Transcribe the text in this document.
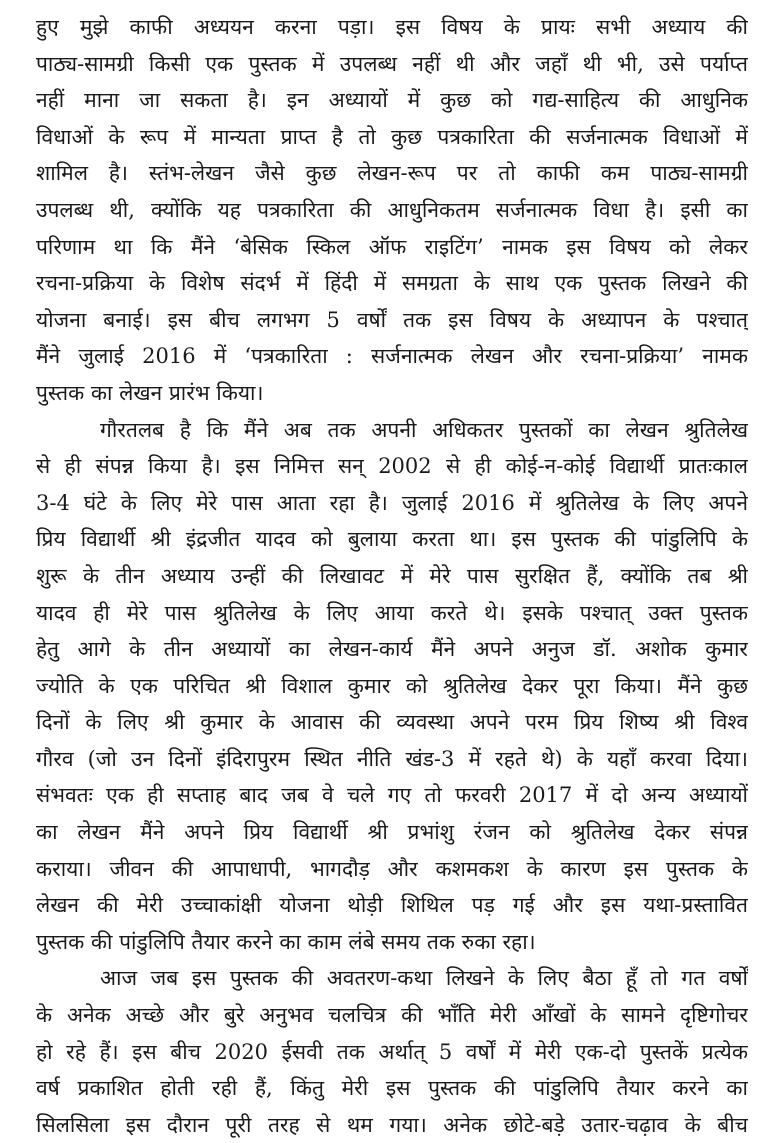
हुए मुझे काफी अध्ययन करना पड़ा। इस विषय के प्रायः सभी अध्याय की
पाठ्य-सामग्री किसी एक पुस्तक में उपलब्ध नहीं थी और जहाँ थी भी, उसे पर्याप्त
नहीं माना जा सकता है। इन अध्यायों में कुछ को गद्य-साहित्य की आधुनिक
विधाओं के रूप में मान्यता प्राप्त है तो कुछ पत्रकारिता की सर्जनात्मक विधाओं में
शामिल है। स्तंभ-लेखन जैसे कुछ लेखन-रूप पर तो काफी कम पाठ्य-सामग्री
उपलब्ध थी, क्योंकि यह पत्रकारिता की आधुनिकतम सर्जनात्मक विधा है। इसी का
परिणाम था कि मैंने ‘बेसिक स्किल ऑफ राइटिंग’ नामक इस विषय को लेकर
रचना-प्रक्रिया के विशेष संदर्भ में हिंदी में समग्रता के साथ एक पुस्तक लिखने की
योजना बनाई। इस बीच लगभग 5 वर्षों तक इस विषय के अध्यापन के पश्चात्
मैंने जुलाई 2016 में ‘पत्रकारिता : सर्जनात्मक लेखन और रचना-प्रक्रिया’ नामक
पुस्तक का लेखन प्रारंभ किया।

गौरतलब है कि मैंने अब तक अपनी अधिकतर पुस्तकों का लेखन श्रुतिलेख
से ही संपन्न किया है। इस निमित्त सन् 2002 से ही कोई-न-कोई विद्यार्थी प्रातःकाल
3-4 घंटे के लिए मेरे पास आता रहा है। जुलाई 2016 में श्रुतिलेख के लिए अपने
प्रिय विद्यार्थी श्री इंद्रजीत यादव को बुलाया करता था। इस पुस्तक की पांडुलिपि के
शुरू के तीन अध्याय उन्हीं की लिखावट में मेरे पास सुरक्षित हैं, क्योंकि तब श्री
यादव ही मेरे पास श्रुतिलेख के लिए आया करते थे। इसके पश्चात् उक्त पुस्तक
हेतु आगे के तीन अध्यायों का लेखन-कार्य मैंने अपने अनुज डॉ. अशोक कुमार
ज्योति के एक परिचित श्री विशाल कुमार को श्रुतिलेख देकर पूरा किया। मैंने कुछ
दिनों के लिए श्री कुमार के आवास की व्यवस्था अपने परम प्रिय शिष्य श्री विश्व
गौरव (जो उन दिनों इंदिरापुरम स्थित नीति खंड-3 में रहते थे) के यहाँ करवा दिया।
संभवतः एक ही सप्ताह बाद जब वे चले गए तो फरवरी 2017 में दो अन्य अध्यायों
का लेखन मैंने अपने प्रिय विद्यार्थी श्री प्रभांशु रंजन को श्रुतिलेख देकर संपन्न
कराया। जीवन की आपाधापी, भागदौड़ और कशमकश के कारण इस पुस्तक के
लेखन की मेरी उच्चाकांक्षी योजना थोड़ी शिथिल पड़ गई और इस यथा-प्रस्तावित
पुस्तक की पांडुलिपि तैयार करने का काम लंबे समय तक रुका रहा।

आज जब इस पुस्तक की अवतरण-कथा लिखने के लिए बैठा हूँ तो गत वर्षों
के अनेक अच्छे और बुरे अनुभव चलचित्र की भाँति मेरी आँखों के सामने दृष्टिगोचर
हो रहे हैं। इस बीच 2020 ईसवी तक अर्थात् 5 वर्षों में मेरी एक-दो पुस्तकें प्रत्येक
वर्ष प्रकाशित होती रही हैं, किंतु मेरी इस पुस्तक की पांडुलिपि तैयार करने का
सिलसिला इस दौरान पूरी तरह से थम गया। अनेक छोटे-बड़े उतार-चढ़ाव के बीच
